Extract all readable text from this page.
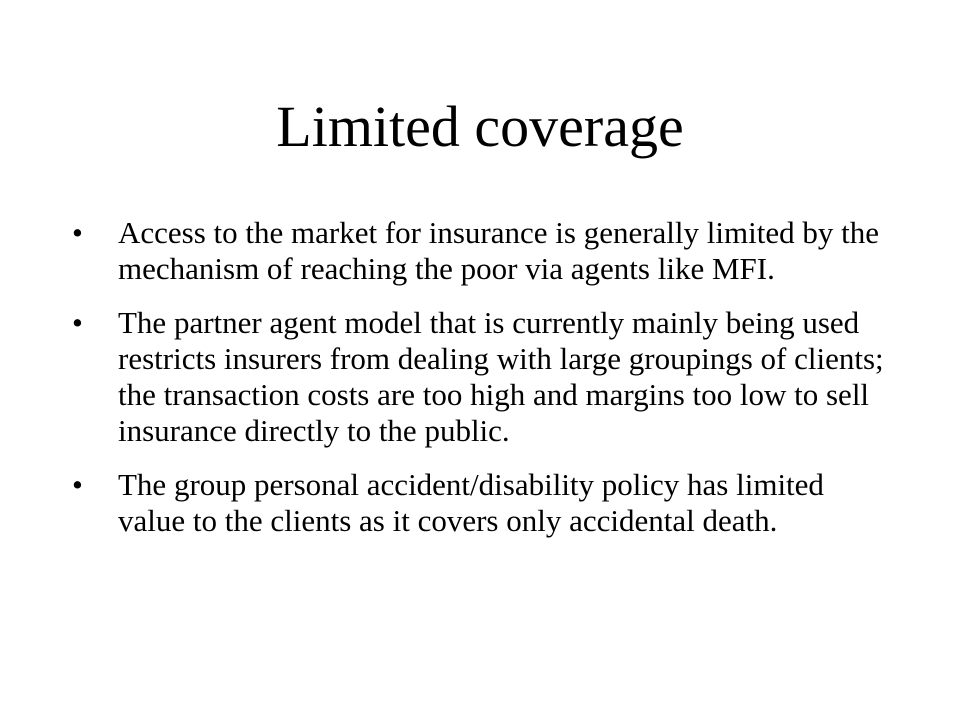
Limited coverage
•	Access to the market for insurance is generally limited by the mechanism of reaching the poor via agents like MFI.
•	The partner agent model that is currently mainly being used restricts insurers from dealing with large groupings of clients; the transaction costs are too high and margins too low to sell insurance directly to the public.
•	The group personal accident/disability policy has limited value to the clients as it covers only accidental death.
